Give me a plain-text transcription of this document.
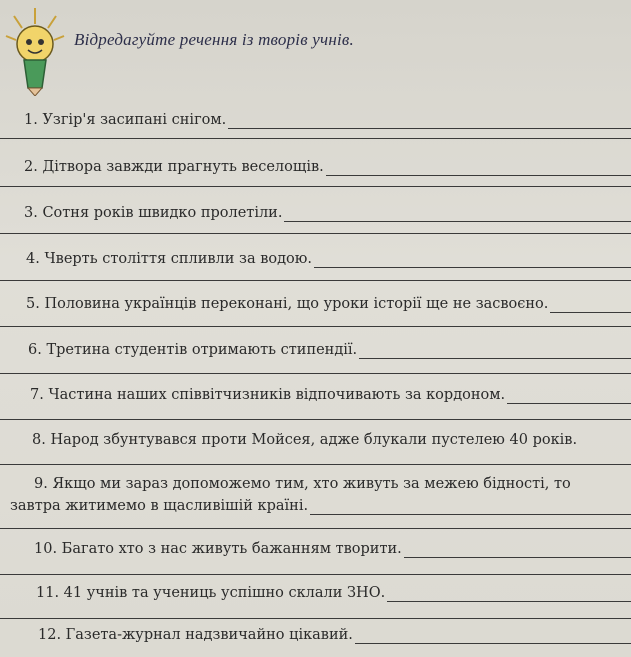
Відредагуйте речення із творів учнів.
1. Узгір'я засипані снігом.
2. Дітвора завжди прагнуть веселощів.
3. Сотня років швидко пролетіли.
4. Чверть століття спливли за водою.
5. Половина українців переконані, що уроки історії ще не засвоєно.
6. Третина студентів отримають стипендії.
7. Частина наших співвітчизників відпочивають за кордоном.
8. Народ збунтувався проти Мойсея, адже блукали пустелею 40 років.
9. Якщо ми зараз допоможемо тим, хто живуть за межею бідності, то
завтра житимемо в щасливішій країні.
10. Багато хто з нас живуть бажанням творити.
11. 41 учнів та учениць успішно склали ЗНО.
12. Газета-журнал надзвичайно цікавий.
